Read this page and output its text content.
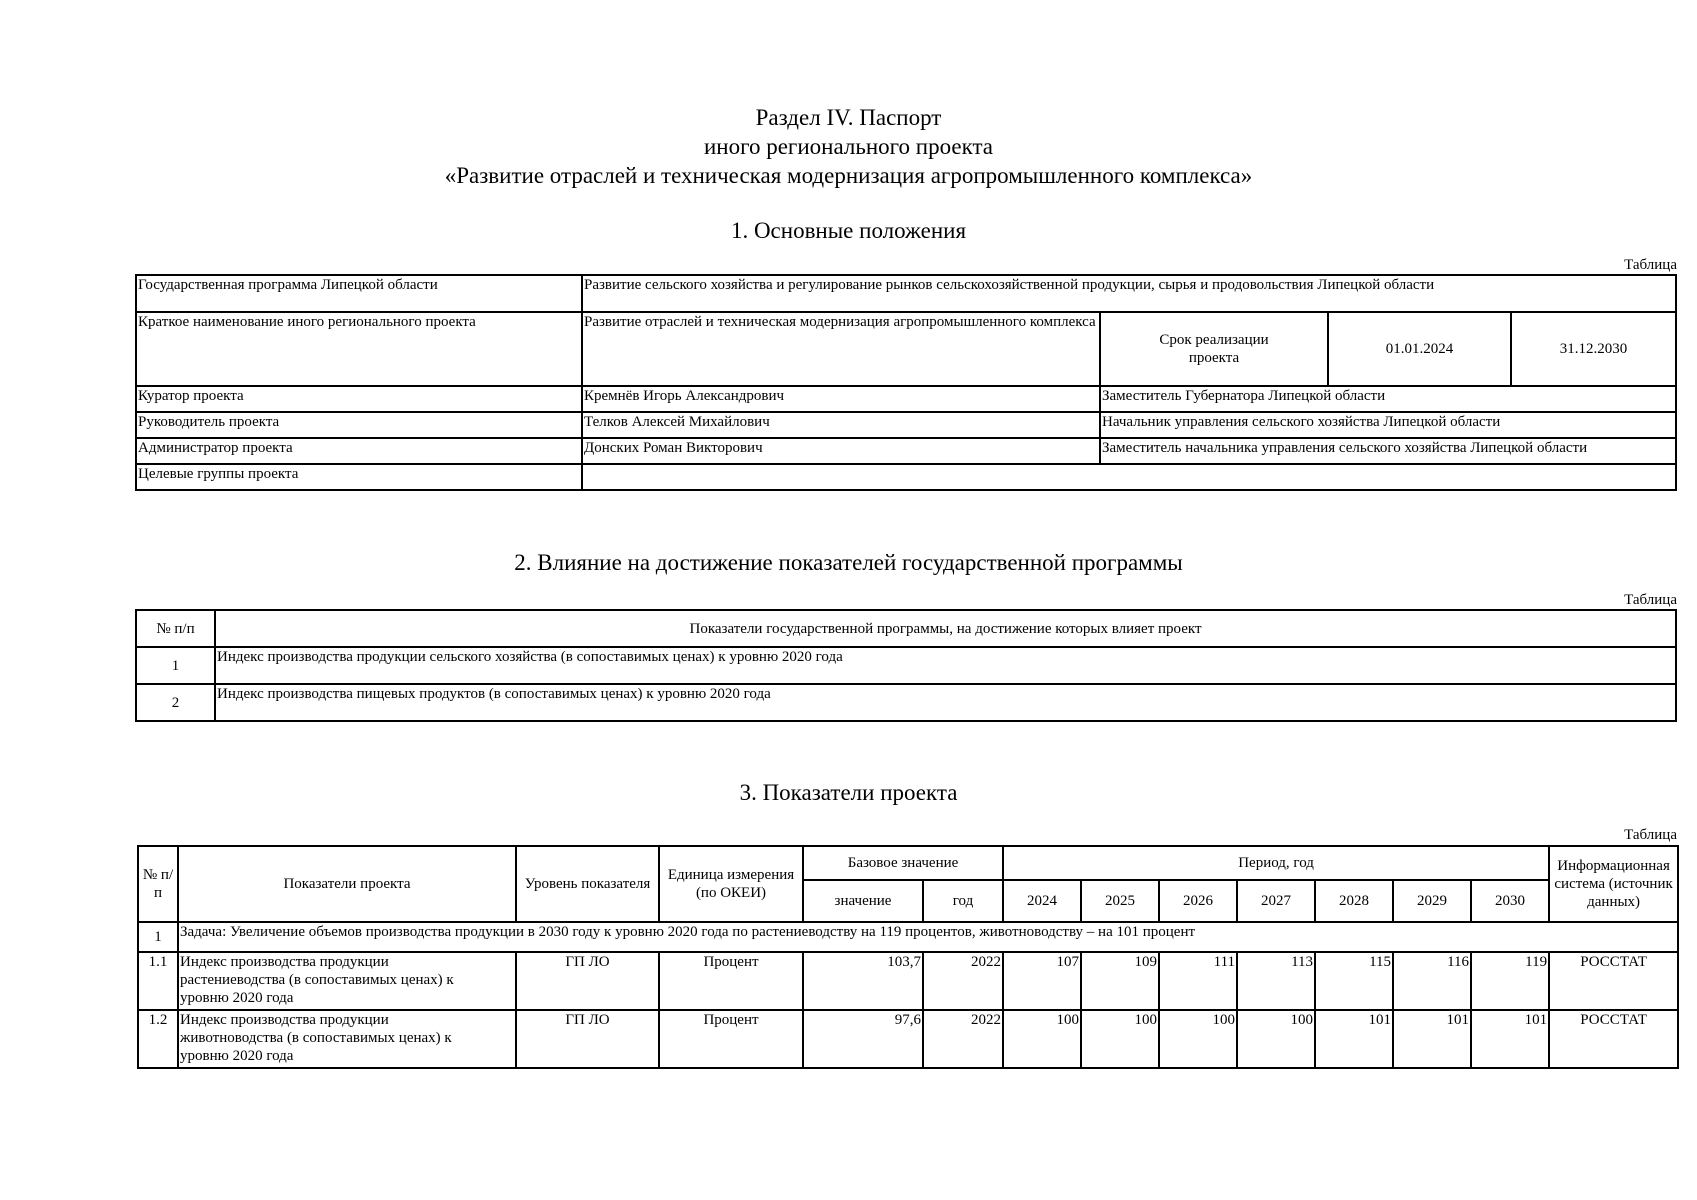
Раздел IV. Паспорт
иного регионального проекта
«Развитие отраслей и техническая модернизация агропромышленного комплекса»
1. Основные положения
Таблица
Государственная программа Липецкой области	Развитие сельского хозяйства и регулирование рынков сельскохозяйственной продукции, сырья и продовольствия Липецкой области			
Краткое наименование иного регионального проекта	Развитие отраслей и техническая модернизация агропромышленного комплекса	Срок реализации проекта	01.01.2024	31.12.2030
Куратор проекта	Кремнёв Игорь Александрович	Заместитель Губернатора Липецкой области		
Руководитель проекта	Телков Алексей Михайлович	Начальник управления сельского хозяйства Липецкой области		
Администратор проекта	Донских Роман Викторович	Заместитель начальника управления сельского хозяйства Липецкой области		
Целевые группы проекта				
2. Влияние на достижение показателей государственной программы
Таблица
№ п/п	Показатели государственной программы, на достижение которых влияет проект
1	Индекс производства продукции сельского хозяйства (в сопоставимых ценах) к уровню 2020 года
2	Индекс производства пищевых продуктов (в сопоставимых ценах) к уровню 2020 года
3. Показатели проекта
Таблица
№ п/п	Показатели проекта	Уровень показателя	Единица измерения (по ОКЕИ)	Базовое значение		Период, год							Информационная система (источник данных)
				значение	год	2024	2025	2026	2027	2028	2029	2030	
1	Задача: Увеличение объемов производства продукции в 2030 году к уровню 2020 года по растениеводству на 119 процентов, животноводству – на 101 процент												
1.1	Индекс производства продукции растениеводства (в сопоставимых ценах) к уровню 2020 года	ГП ЛО	Процент	103,7	2022	107	109	111	113	115	116	119	РОССТАТ
1.2	Индекс производства продукции животноводства (в сопоставимых ценах) к уровню 2020 года	ГП ЛО	Процент	97,6	2022	100	100	100	100	101	101	101	РОССТАТ
